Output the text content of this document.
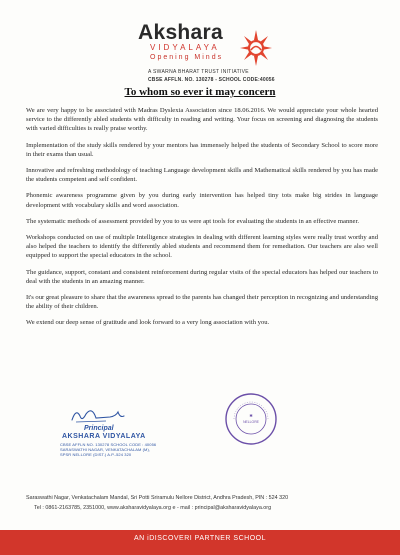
Akshara
VIDYALAYA
Opening Minds
A SWARNA BHARAT TRUST INITIATIVE
CBSE AFFLN. NO. 130278 - SCHOOL CODE:40056
To whom so ever it may concern

We are very happy to be associated with Madras Dyslexia Association since 18.06.2016. We would appreciate your whole hearted service to the differently abled students with difficulty in reading and writing. Your focus on screening and diagnosing the students with varied difficulties is really praise worthy.

Implementation of the study skills rendered by your mentors has immensely helped the students of Secondary School to score more in their exams than usual.

Innovative and refreshing methodology of teaching Language development skills and Mathematical skills rendered by you has made the students competent and self confident.

Phonemic awareness programme given by you during early intervention has helped tiny tots make big strides in language development with vocabulary skills and word association.

The systematic methods of assessment provided by you to us were apt tools for evaluating the students in an effective manner.

Workshops conducted on use of multiple Intelligence strategies in dealing with different learning styles were really trust worthy and also helped the teachers to identify the differently abled students and recommend them for remediation. Our teachers are also well equipped to support the special educators in the school.

The guidance, support, constant and consistent reinforcement during regular visits of the special educators has helped our teachers to deal with the students in an amazing manner.

It's our great pleasure to share that the awareness spread to the parents has changed their perception in recognizing and understanding the ability of their children.

We extend our deep sense of gratitude and look forward to a very long association with you.

Principal
AKSHARA VIDYALAYA
CBSE AFFLN NO. 130278 SCHOOL CODE : 40056
SARASWATHI NAGAR, VENKATACHALAM (M),
SPSR NELLORE (DIST.) A.P.-524 320
✱
NELLORE
Saraswathi Nagar, Venkatachalam Mandal, Sri Potti Sriramulu Nellore District, Andhra Pradesh, PIN : 524 320
Tel : 0861-2163785, 2351000, www.aksharavidyalaya.org e - mail : principal@aksharavidyalaya.org
AN iDISCOVERI PARTNER SCHOOL
